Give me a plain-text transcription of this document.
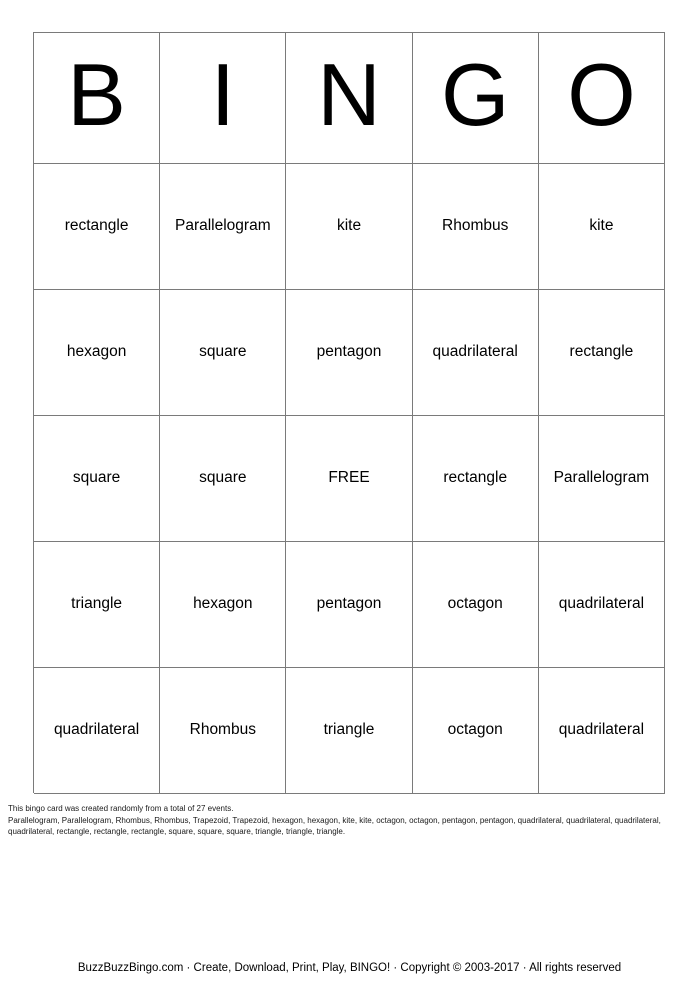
B I N G O
rectangle	Parallelogram	kite	Rhombus	kite
hexagon	square	pentagon	quadrilateral	rectangle
square	square	FREE	rectangle	Parallelogram
triangle	hexagon	pentagon	octagon	quadrilateral
quadrilateral	Rhombus	triangle	octagon	quadrilateral
This bingo card was created randomly from a total of 27 events.
Parallelogram, Parallelogram, Rhombus, Rhombus, Trapezoid, Trapezoid, hexagon, hexagon, kite, kite, octagon, octagon, pentagon, pentagon, quadrilateral, quadrilateral, quadrilateral, quadrilateral, rectangle, rectangle, rectangle, square, square, square, triangle, triangle, triangle.
BuzzBuzzBingo.com · Create, Download, Print, Play, BINGO! · Copyright © 2003-2017 · All rights reserved
